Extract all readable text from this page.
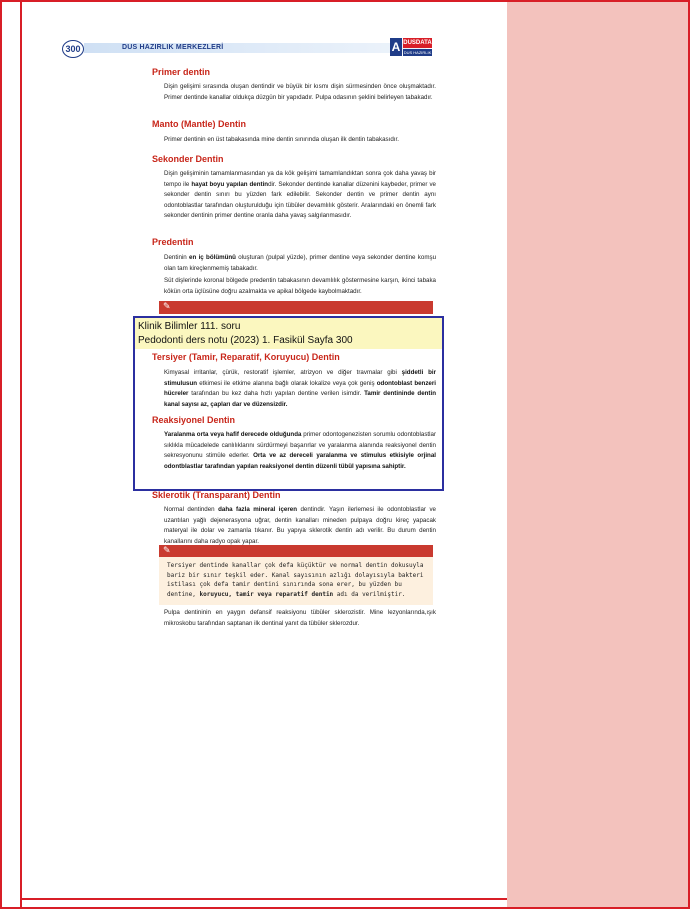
300	DUS HAZIRLIK MERKEZLERİ	A DUSDATA
DUS HAZIRLIK MERKEZLERİ
Primer dentin

Dişin gelişimi sırasında oluşan dentindir ve büyük bir kısmı dişin sürmesinden önce oluşmaktadır. Primer dentinde kanallar oldukça düzgün bir yapıdadır. Pulpa odasının şeklini belirleyen tabakadır.

Manto (Mantle) Dentin

Primer dentinin en üst tabakasında mine dentin sınırında oluşan ilk dentin tabakasıdır.

Sekonder Dentin

Dişin gelişiminin tamamlanmasından ya da kök gelişimi tamamlandıktan sonra çok daha yavaş bir tempo ile hayat boyu yapılan dentindir. Sekonder dentinde kanallar düzenini kaybeder, primer ve sekonder dentin sınırı bu yüzden fark edilebilir. Sekonder dentin ve primer dentin aynı odontoblastlar tarafından oluşturulduğu için tübüler devamlılık gösterir. Aralarındaki en önemli fark sekonder dentinin primer dentine oranla daha yavaş salgılanmasıdır.

Predentin

Dentinin en iç bölümünü oluşturan (pulpal yüzde), primer dentine veya sekonder dentine komşu olan tam kireçlenmemiş tabakadır.

Süt dişlerinde koronal bölgede predentin tabakasının devamlılık göstermesine karşın, ikinci tabaka kökün orta üçlüsüne doğru azalmakta ve apikal bölgede kaybolmaktadır.

✎
Klinik Bilimler 111. soru
Pedodonti ders notu (2023) 1. Fasikül Sayfa 300
Tersiyer (Tamir, Reparatif, Koruyucu) Dentin

Kimyasal irritanlar, çürük, restoratif işlemler, atrizyon ve diğer travmalar gibi şiddetli bir stimulusun etkimesi ile etkime alanına bağlı olarak lokalize veya çok geniş odontoblast benzeri hücreler tarafından bu kez daha hızlı yapılan dentine verilen isimdir. Tamir dentininde dentin kanal sayısı az, çapları dar ve düzensizdir.

Reaksiyonel Dentin

Yaralanma orta veya hafif derecede olduğunda primer odontogenezisten sorumlu odontoblastlar sıklıkla mücadelede canlılıklarını sürdürmeyi başarırlar ve yaralanma alanında reaksiyonel dentin sekresyonunu stimüle ederler. Orta ve az dereceli yaralanma ve stimulus etkisiyle orjinal odontblastlar tarafından yapılan reaksiyonel dentin düzenli tübül yapısına sahiptir.

Sklerotik (Transparant) Dentin

Normal dentinden daha fazla mineral içeren dentindir. Yaşın ilerlemesi ile odontoblastlar ve uzantıları yağlı dejenerasyona uğrar, dentin kanalları mineden pulpaya doğru kireç yapacak materyal ile dolar ve zamanla tıkanır. Bu yapıya sklerotik dentin adı verilir. Bu durum dentin kanallarını daha radyo opak yapar.

✎

Tersiyer dentinde kanallar çok defa küçüktür ve normal dentin dokusuyla bariz bir sınır teşkil eder. Kanal sayısının azlığı dolayısıyla bakteri istilası çok defa tamir dentini sınırında sona erer, bu yüzden bu dentine, koruyucu, tamir veya reparatif dentin adı da verilmiştir.

Pulpa dentininin en yaygın defansif reaksiyonu tübüler sklerozistir. Mine lezyonlarında,ışık mikroskobu tarafından saptanan ilk dentinal yanıt da tübüler sklerozdur.
